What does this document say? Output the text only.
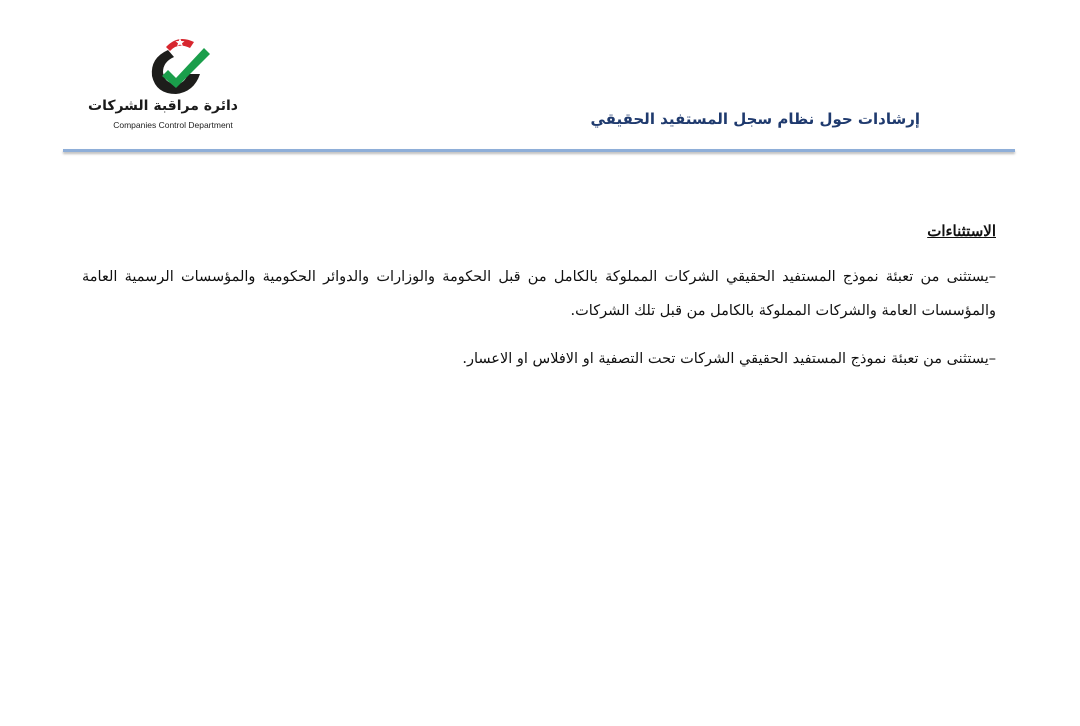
دائرة مراقبة الشركات
Companies Control Department	إرشادات حول نظام سجل المستفيد الحقيقي
الاستثناءات

–يستثنى من تعبئة نموذج المستفيد الحقيقي الشركات المملوكة بالكامل من قبل الحكومة والوزارات والدوائر الحكومية والمؤسسات الرسمية العامة والمؤسسات العامة والشركات المملوكة بالكامل من قبل تلك الشركات.

–يستثنى من تعبئة نموذج المستفيد الحقيقي الشركات تحت التصفية او الافلاس او الاعسار.
